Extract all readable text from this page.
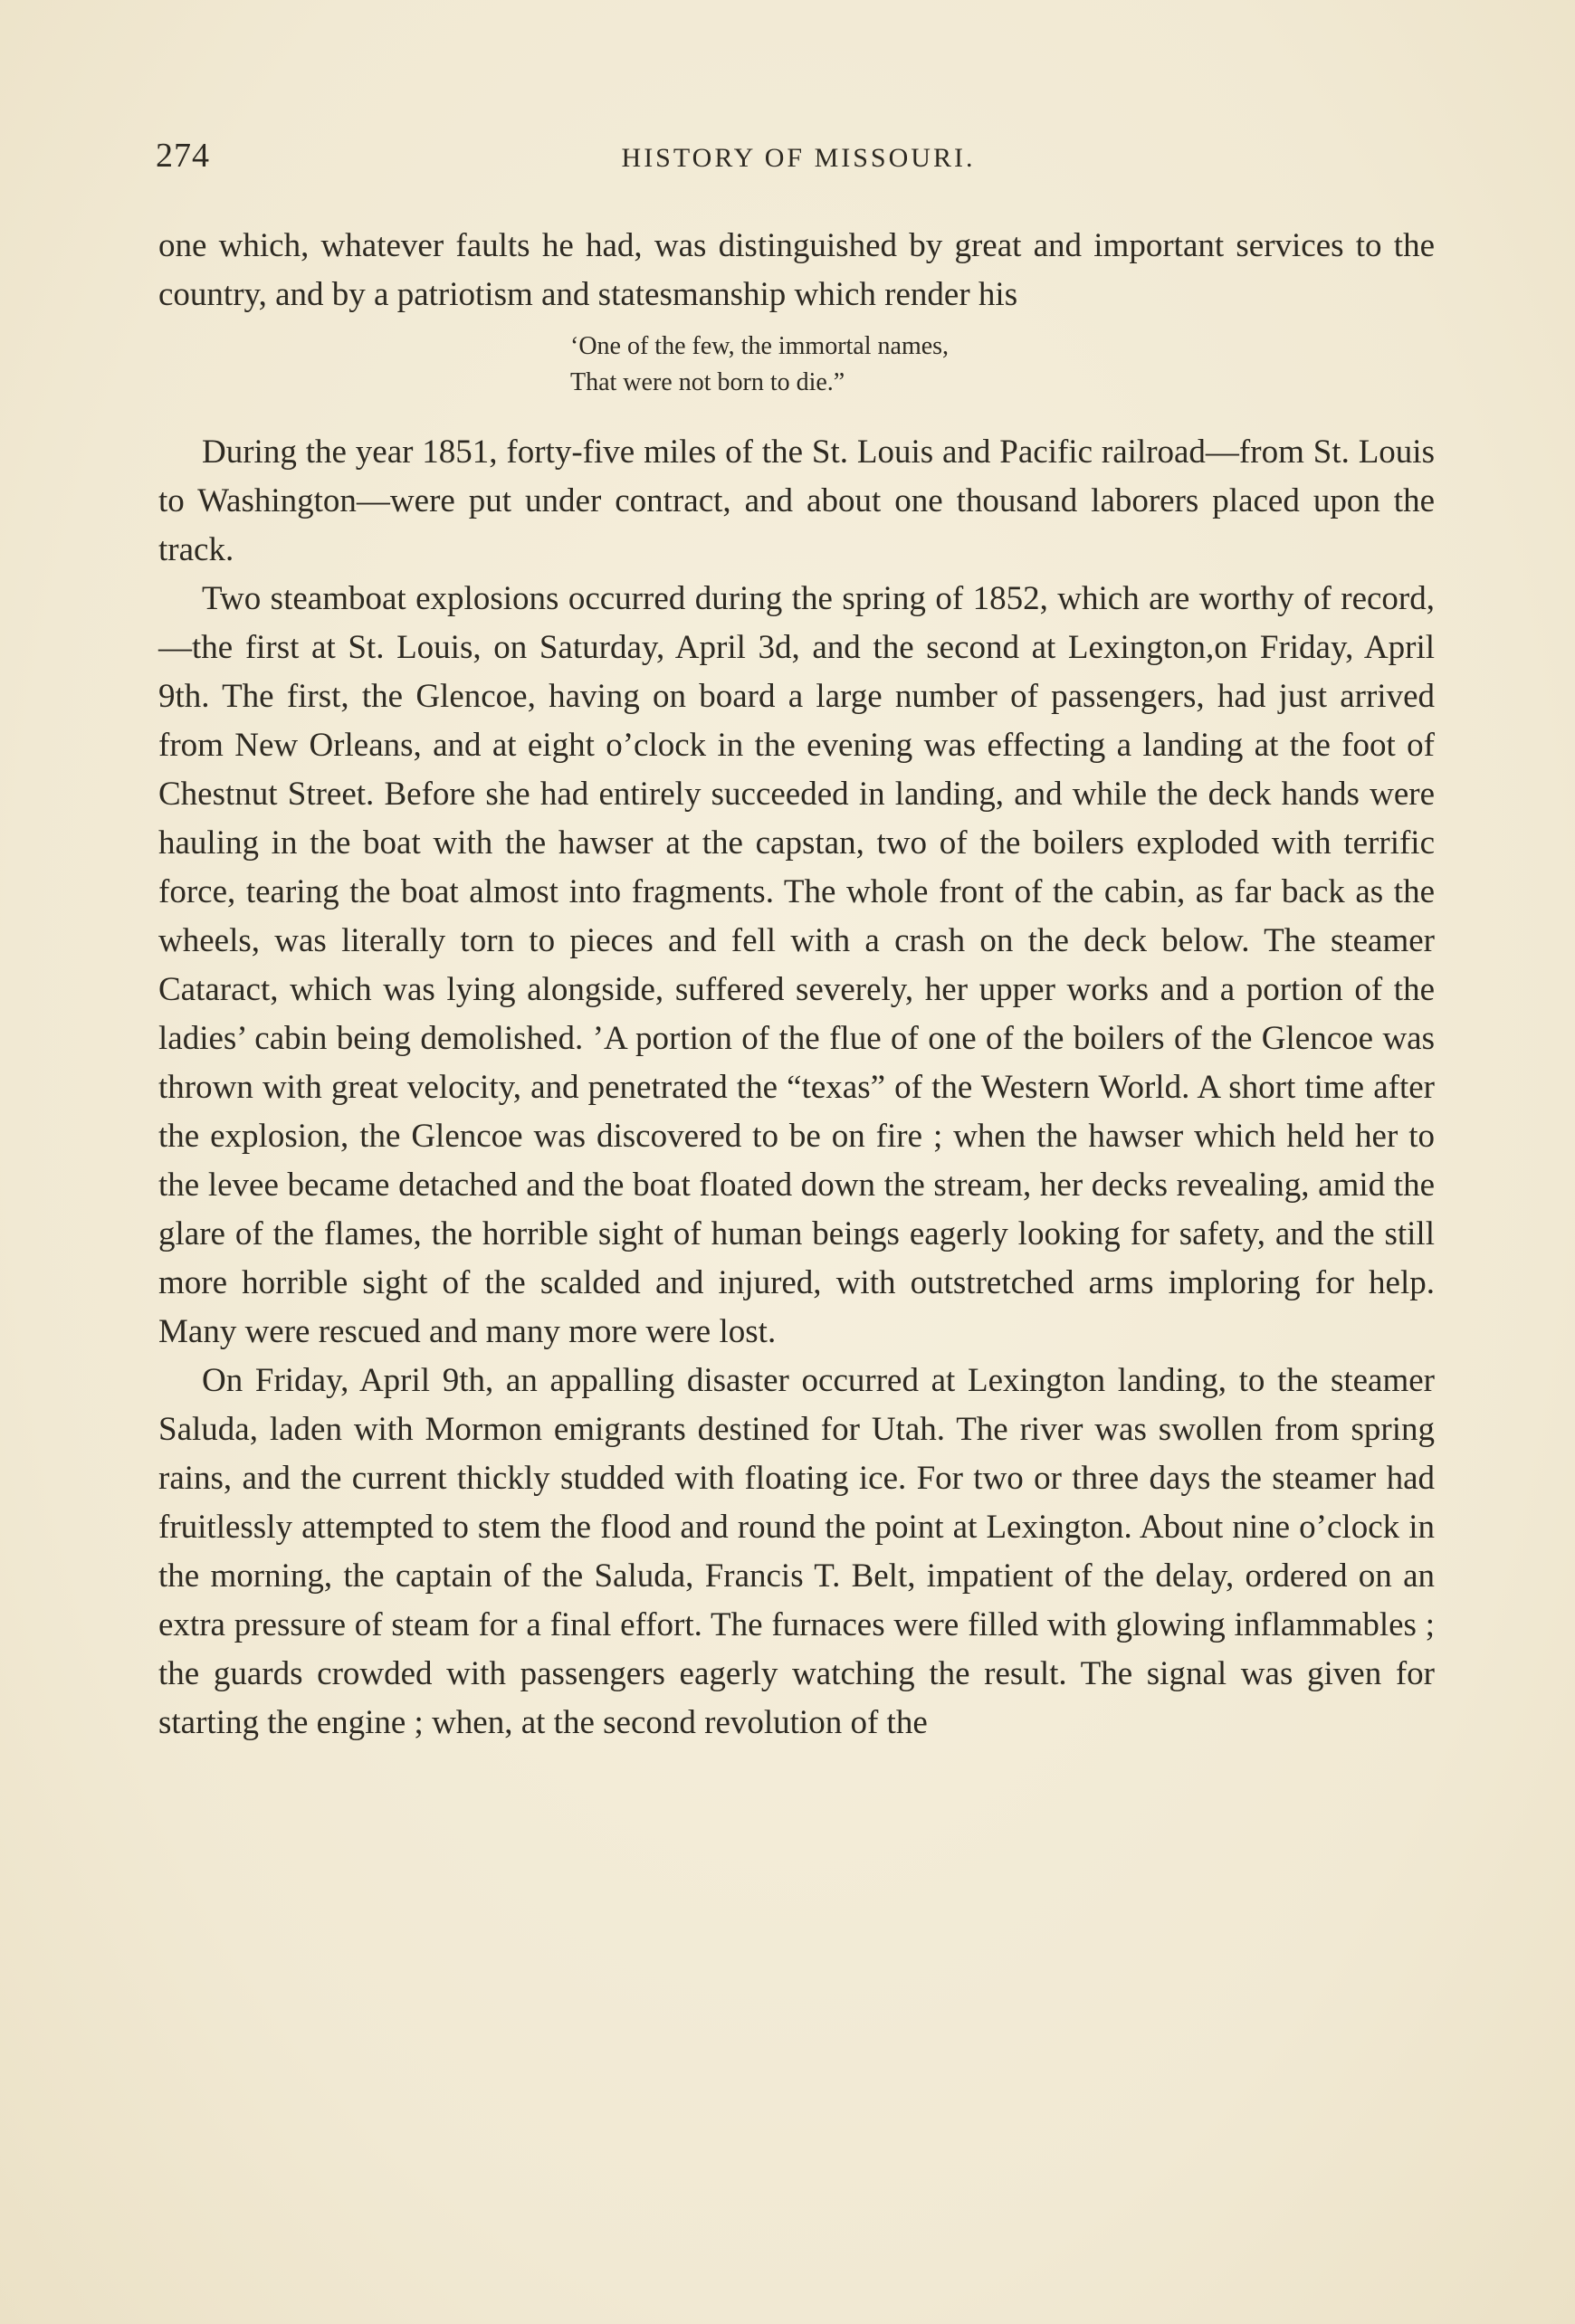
274	HISTORY OF MISSOURI.

one which, whatever faults he had, was distinguished by great and important services to the country, and by a patriotism and statesmanship which render his

‘One of the few, the immortal names,
That were not born to die.”

During the year 1851, forty-five miles of the St. Louis and Pacific railroad—from St. Louis to Washington—were put under contract, and about one thousand laborers placed upon the track.

Two steamboat explosions occurred during the spring of 1852, which are worthy of record,—the first at St. Louis, on Saturday, April 3d, and the second at Lexington,on Friday, April 9th. The first, the Glencoe, having on board a large number of passengers, had just arrived from New Orleans, and at eight o’clock in the evening was effecting a landing at the foot of Chestnut Street. Before she had entirely succeeded in landing, and while the deck hands were hauling in the boat with the hawser at the capstan, two of the boilers exploded with terrific force, tearing the boat almost into fragments. The whole front of the cabin, as far back as the wheels, was literally torn to pieces and fell with a crash on the deck below. The steamer Cataract, which was lying alongside, suffered severely, her upper works and a portion of the ladies’ cabin being demolished. ’A portion of the flue of one of the boilers of the Glencoe was thrown with great velocity, and penetrated the “texas” of the Western World. A short time after the explosion, the Glencoe was discovered to be on fire ; when the hawser which held her to the levee became detached and the boat floated down the stream, her decks revealing, amid the glare of the flames, the horrible sight of human beings eagerly looking for safety, and the still more horrible sight of the scalded and injured, with outstretched arms imploring for help. Many were rescued and many more were lost.

On Friday, April 9th, an appalling disaster occurred at Lexington landing, to the steamer Saluda, laden with Mormon emigrants destined for Utah. The river was swollen from spring rains, and the current thickly studded with floating ice. For two or three days the steamer had fruitlessly attempted to stem the flood and round the point at Lexington. About nine o’clock in the morning, the captain of the Saluda, Francis T. Belt, impatient of the delay, ordered on an extra pressure of steam for a final effort. The furnaces were filled with glowing inflammables ; the guards crowded with passengers eagerly watching the result. The signal was given for starting the engine ; when, at the second revolution of the
